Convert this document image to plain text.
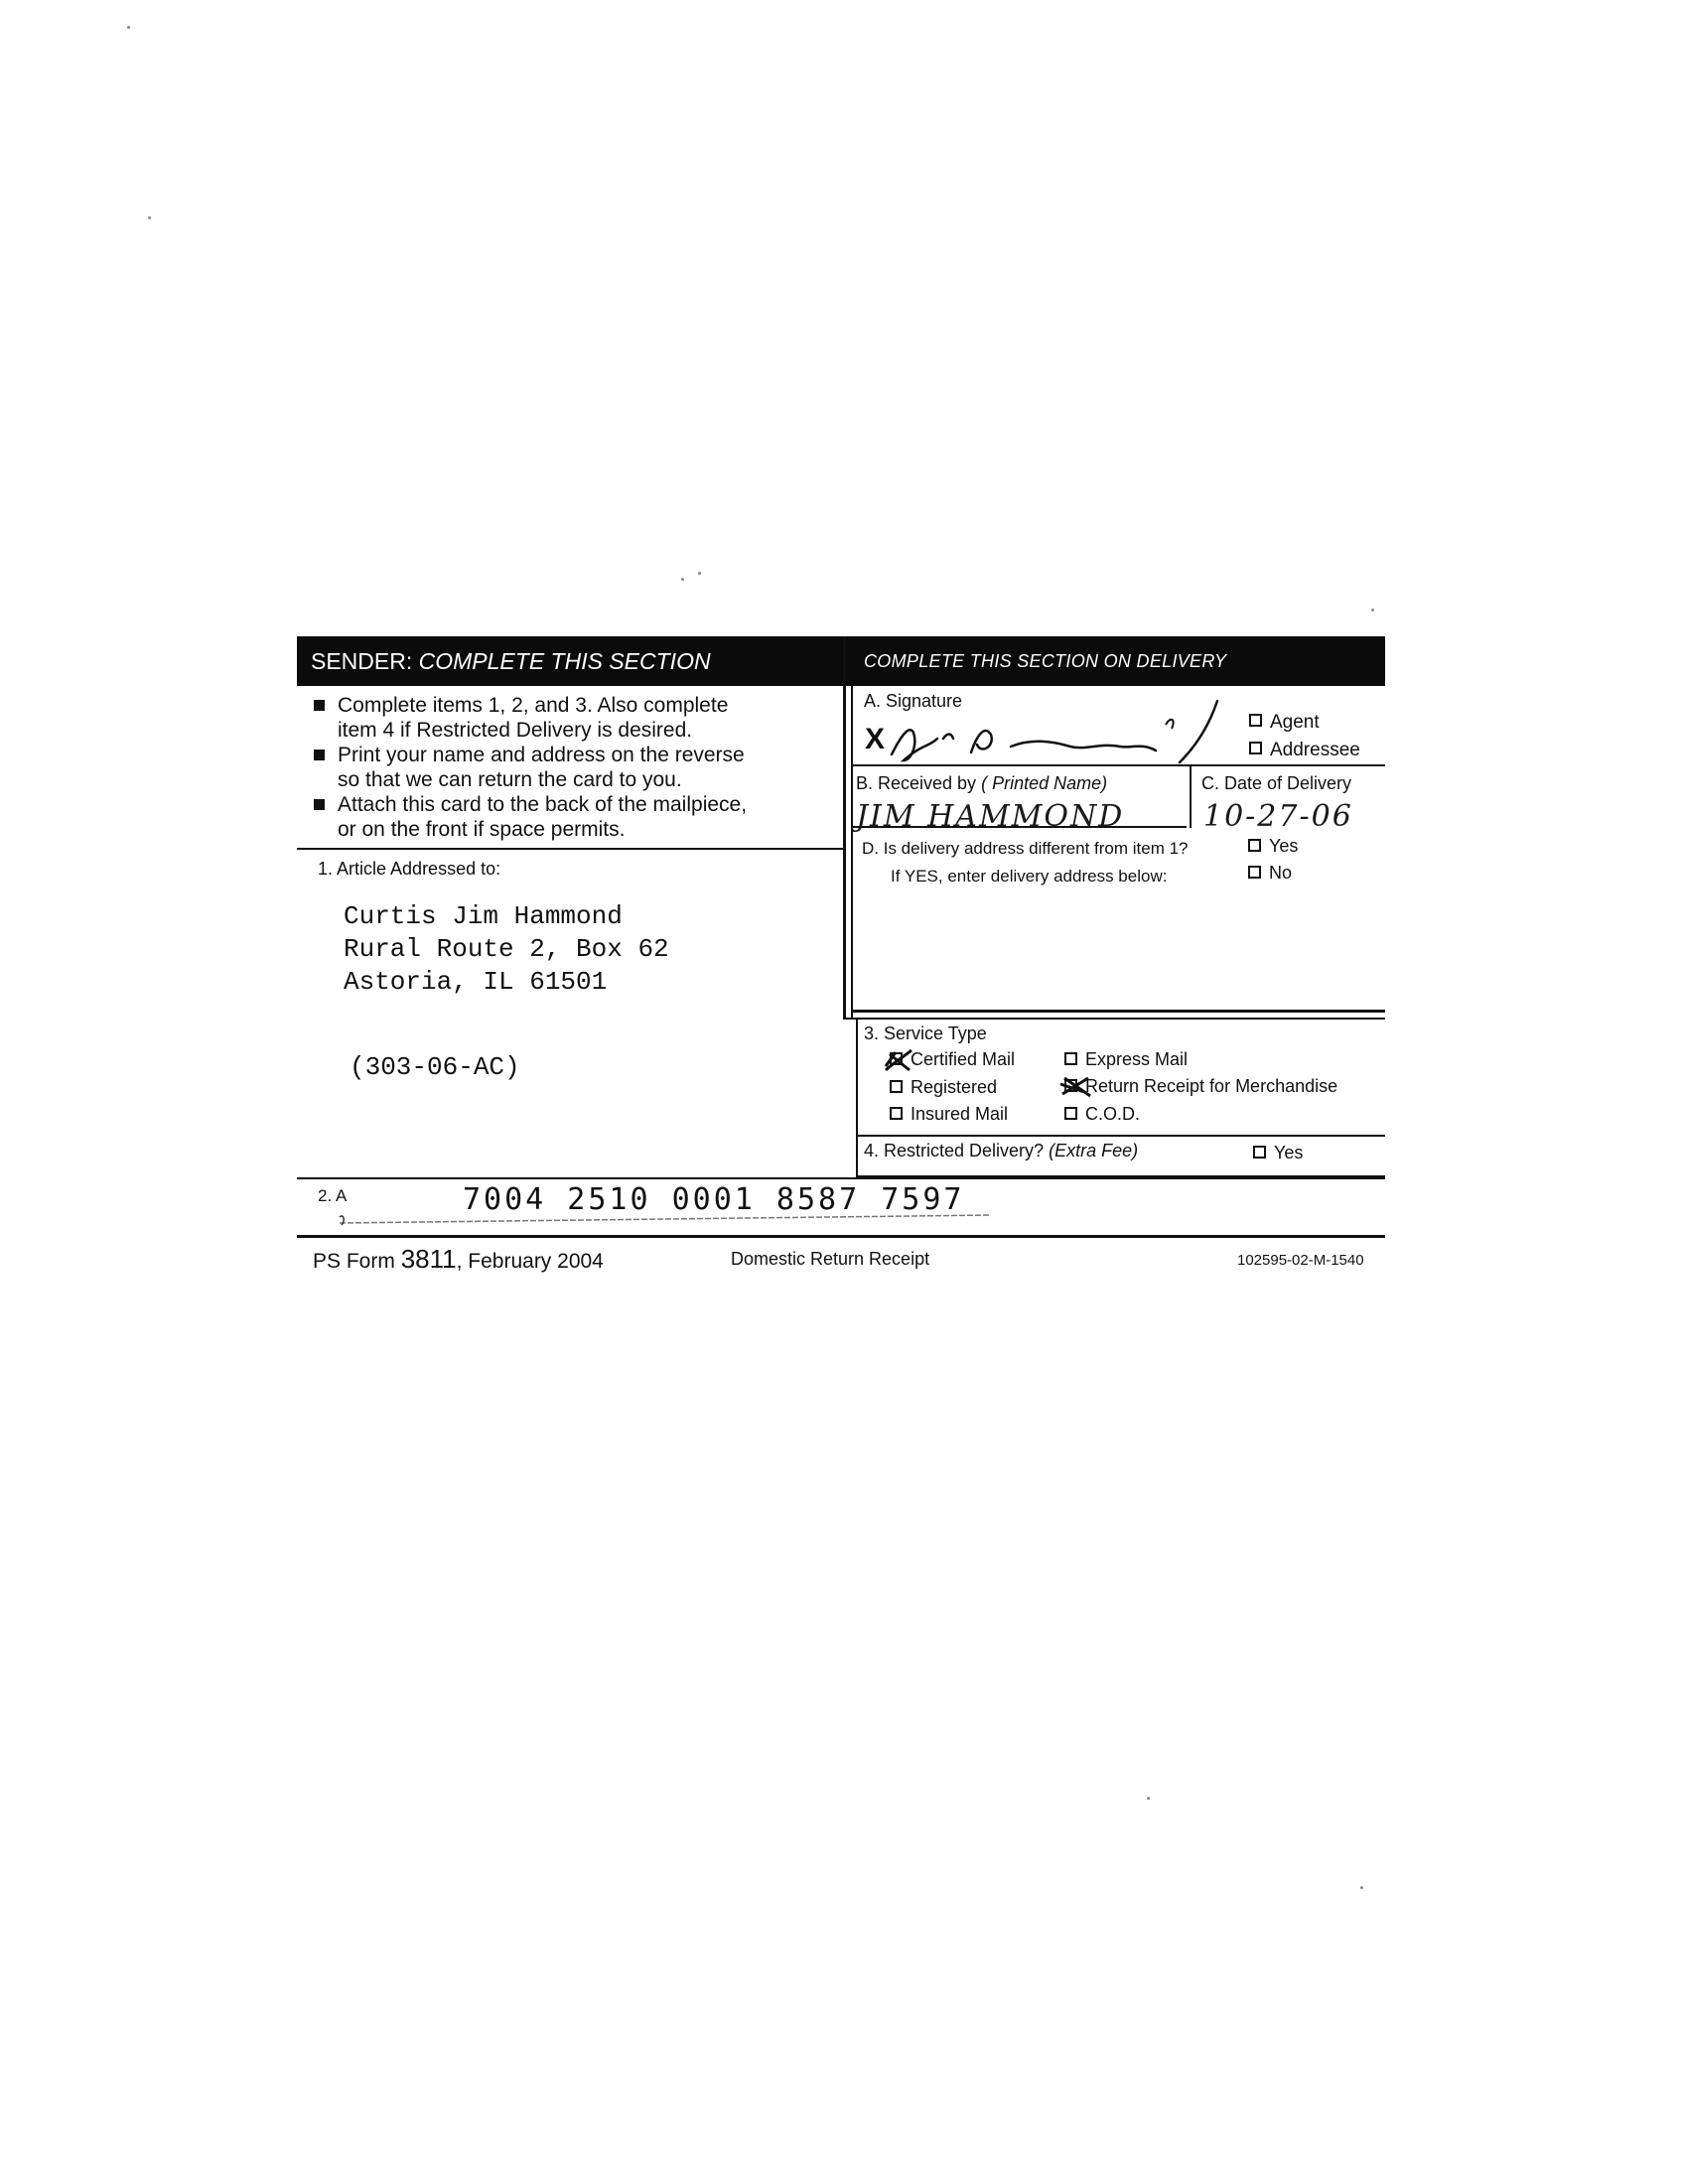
SENDER:
COMPLETE THIS SECTION	COMPLETE THIS SECTION ON DELIVERY
Complete items 1, 2, and 3. Also complete
item 4 if Restricted Delivery is desired.
Print your name and address on the reverse
so that we can return the card to you.
Attach this card to the back of the mailpiece,
or on the front if space permits.
1. Article Addressed to:
Curtis Jim Hammond
Rural Route 2, Box 62
Astoria, IL 61501
(303-06-AC)
A. Signature
X
Agent
Addressee
B. Received by ( Printed Name)
JIM HAMMOND
C. Date of Delivery
10-27-06
D. Is delivery address different from item 1?
If YES, enter delivery address below:
Yes
No
3. Service Type
Certified Mail	Express Mail
Registered	Return Receipt for Merchandise
Insured Mail	C.O.D.
4. Restricted Delivery? (Extra Fee)	Yes
2. A	7004 2510 0001 8587 7597
PS Form 3811, February 2004	Domestic Return Receipt	102595-02-M-1540
